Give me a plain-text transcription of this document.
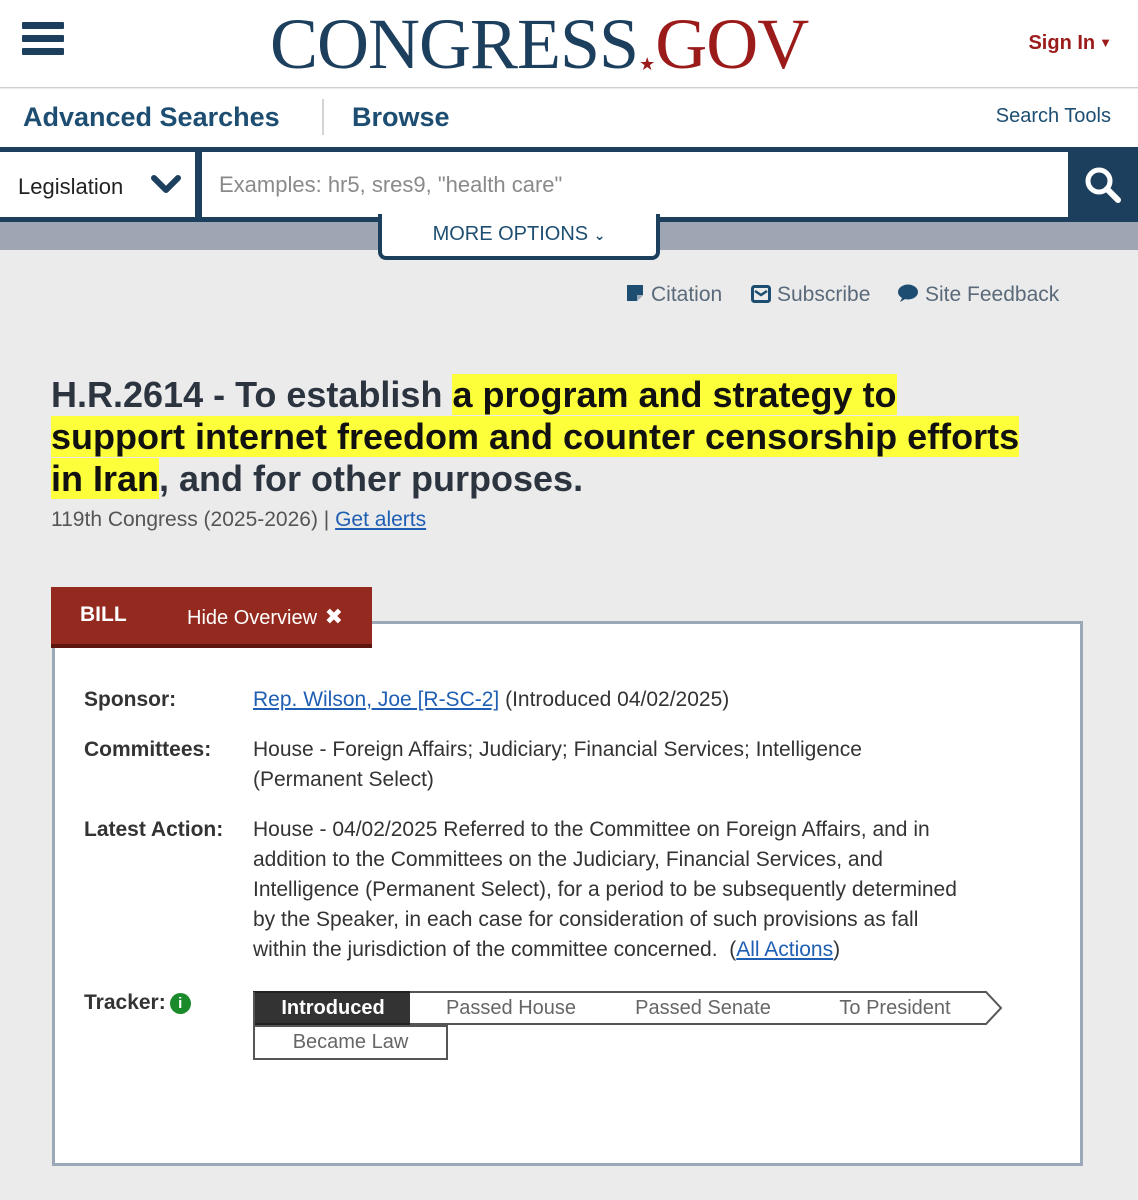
CONGRESS★GOV	Sign In ▼
Advanced Searches	Browse	Search Tools
Legislation
Examples: hr5, sres9, "health care"
MORE OPTIONS ⌄
Citation	Subscribe	Site Feedback
H.R.2614 - To establish a program and strategy to
support internet freedom and counter censorship efforts
in Iran, and for other purposes.
119th Congress (2025-2026) | Get alerts
BILL	Hide Overview ✖
Sponsor:	Rep. Wilson, Joe [R-SC-2] (Introduced 04/02/2025)
Committees: House - Foreign Affairs; Judiciary; Financial Services; Intelligence
(Permanent Select)
Latest Action: House - 04/02/2025 Referred to the Committee on Foreign Affairs, and in
addition to the Committees on the Judiciary, Financial Services, and
Intelligence (Permanent Select), for a period to be subsequently determined
by the Speaker, in each case for consideration of such provisions as fall
within the jurisdiction of the committee concerned.  (All Actions)
Tracker: i	Introduced	Passed House	Passed Senate	To President
Became Law
